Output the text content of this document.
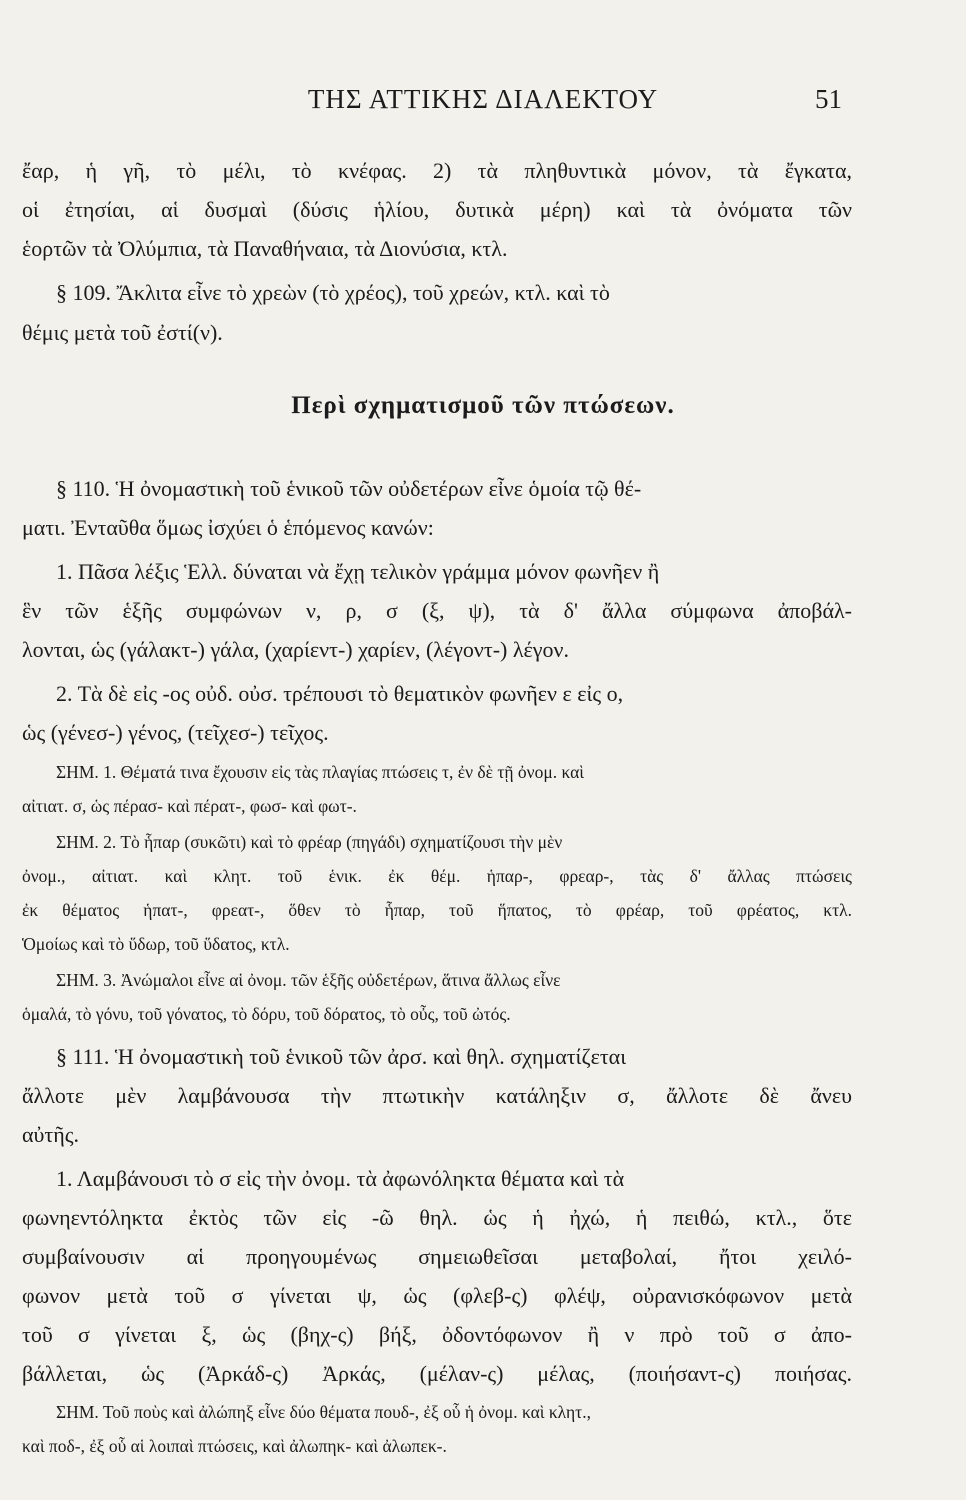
ΤΗΣ ΑΤΤΙΚΗΣ ΔΙΑΛΕΚΤΟΥ	51
ἔαρ, ἡ γῆ, τὸ μέλι, τὸ κνέφας. 2) τὰ πληθυντικὰ μόνον, τὰ ἔγκατα,
οἱ ἐτησίαι, αἱ δυσμαὶ (δύσις ἡλίου, δυτικὰ μέρη) καὶ τὰ ὀνόματα τῶν
ἑορτῶν τὰ Ὀλύμπια, τὰ Παναθήναια, τὰ Διονύσια, κτλ.
§ 109. Ἄκλιτα εἶνε τὸ χρεὼν (τὸ χρέος), τοῦ χρεών, κτλ. καὶ τὸ
θέμις μετὰ τοῦ ἐστί(ν).
Περὶ σχηματισμοῦ τῶν πτώσεων.
§ 110. Ἡ ὀνομαστικὴ τοῦ ἑνικοῦ τῶν οὐδετέρων εἶνε ὁμοία τῷ θέ-
ματι. Ἐνταῦθα ὅμως ἰσχύει ὁ ἑπόμενος κανών:
1. Πᾶσα λέξις Ἑλλ. δύναται νὰ ἔχῃ τελικὸν γράμμα μόνον φωνῆεν ἢ
ἓν τῶν ἑξῆς συμφώνων ν, ρ, σ (ξ, ψ), τὰ δ' ἄλλα σύμφωνα ἀποβάλ-
λονται, ὡς (γάλακτ-) γάλα, (χαρίεντ-) χαρίεν, (λέγοντ-) λέγον.
2. Τὰ δὲ εἰς -ος οὐδ. οὐσ. τρέπουσι τὸ θεματικὸν φωνῆεν ε εἰς ο,
ὡς (γένεσ-) γένος, (τεῖχεσ-) τεῖχος.
ΣΗΜ. 1. Θέματά τινα ἔχουσιν εἰς τὰς πλαγίας πτώσεις τ, ἐν δὲ τῇ ὀνομ. καὶ
αἰτιατ. σ, ὡς πέρασ- καὶ πέρατ-, φωσ- καὶ φωτ-.
ΣΗΜ. 2. Τὸ ἧπαρ (συκῶτι) καὶ τὸ φρέαρ (πηγάδι) σχηματίζουσι τὴν μὲν
ὀνομ., αἰτιατ. καὶ κλητ. τοῦ ἑνικ. ἐκ θέμ. ἡπαρ-, φρεαρ-, τὰς δ' ἄλλας πτώσεις
ἐκ θέματος ἡπατ-, φρεατ-, ὅθεν τὸ ἧπαρ, τοῦ ἥπατος, τὸ φρέαρ, τοῦ φρέατος, κτλ.
Ὁμοίως καὶ τὸ ὕδωρ, τοῦ ὕδατος, κτλ.
ΣΗΜ. 3. Ἀνώμαλοι εἶνε αἱ ὀνομ. τῶν ἑξῆς οὐδετέρων, ἅτινα ἄλλως εἶνε
ὁμαλά, τὸ γόνυ, τοῦ γόνατος, τὸ δόρυ, τοῦ δόρατος, τὸ οὖς, τοῦ ὠτός.
§ 111. Ἡ ὀνομαστικὴ τοῦ ἑνικοῦ τῶν ἀρσ. καὶ θηλ. σχηματίζεται
ἄλλοτε μὲν λαμβάνουσα τὴν πτωτικὴν κατάληξιν σ, ἄλλοτε δὲ ἄνευ
αὐτῆς.
1. Λαμβάνουσι τὸ σ εἰς τὴν ὀνομ. τὰ ἀφωνόληκτα θέματα καὶ τὰ
φωνηεντόληκτα ἐκτὸς τῶν εἰς -ῶ θηλ. ὡς ἡ ἠχώ, ἡ πειθώ, κτλ., ὅτε
συμβαίνουσιν αἱ προηγουμένως σημειωθεῖσαι μεταβολαί, ἤτοι χειλό-
φωνον μετὰ τοῦ σ γίνεται ψ, ὡς (φλεβ-ς) φλέψ, οὐρανισκόφωνον μετὰ
τοῦ σ γίνεται ξ, ὡς (βηχ-ς) βήξ, ὀδοντόφωνον ἢ ν πρὸ τοῦ σ ἀπο-
βάλλεται, ὡς (Ἀρκάδ-ς) Ἀρκάς, (μέλαν-ς) μέλας, (ποιήσαντ-ς) ποιήσας.
ΣΗΜ. Τοῦ ποὺς καὶ ἀλώπηξ εἶνε δύο θέματα πουδ-, ἐξ οὗ ἡ ὀνομ. καὶ κλητ.,
καὶ ποδ-, ἐξ οὗ αἱ λοιπαὶ πτώσεις, καὶ ἀλωπηκ- καὶ ἀλωπεκ-.
